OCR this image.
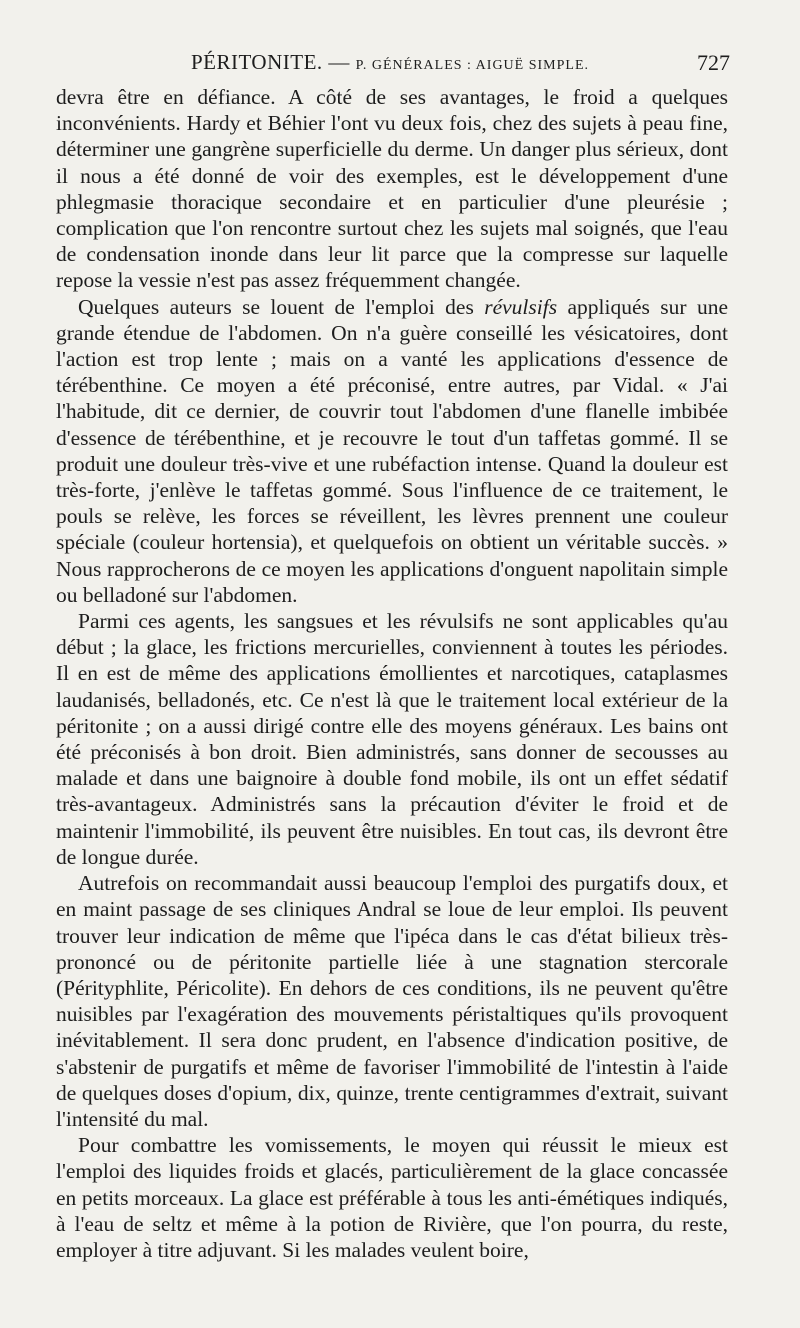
PÉRITONITE. — P. GÉNÉRALES : AIGUË SIMPLE.	727

devra être en défiance. A côté de ses avantages, le froid a quelques inconvénients. Hardy et Béhier l'ont vu deux fois, chez des sujets à peau fine, déterminer une gangrène superficielle du derme. Un danger plus sérieux, dont il nous a été donné de voir des exemples, est le développement d'une phlegmasie thoracique secondaire et en particulier d'une pleurésie ; complication que l'on rencontre surtout chez les sujets mal soignés, que l'eau de condensation inonde dans leur lit parce que la compresse sur laquelle repose la vessie n'est pas assez fréquemment changée.

Quelques auteurs se louent de l'emploi des révulsifs appliqués sur une grande étendue de l'abdomen. On n'a guère conseillé les vésicatoires, dont l'action est trop lente ; mais on a vanté les applications d'essence de térébenthine. Ce moyen a été préconisé, entre autres, par Vidal. « J'ai l'habitude, dit ce dernier, de couvrir tout l'abdomen d'une flanelle imbibée d'essence de térébenthine, et je recouvre le tout d'un taffetas gommé. Il se produit une douleur très-vive et une rubéfaction intense. Quand la douleur est très-forte, j'enlève le taffetas gommé. Sous l'influence de ce traitement, le pouls se relève, les forces se réveillent, les lèvres prennent une couleur spéciale (couleur hortensia), et quelquefois on obtient un véritable succès. » Nous rapprocherons de ce moyen les applications d'onguent napolitain simple ou belladoné sur l'abdomen.

Parmi ces agents, les sangsues et les révulsifs ne sont applicables qu'au début ; la glace, les frictions mercurielles, conviennent à toutes les périodes. Il en est de même des applications émollientes et narcotiques, cataplasmes laudanisés, belladonés, etc. Ce n'est là que le traitement local extérieur de la péritonite ; on a aussi dirigé contre elle des moyens généraux. Les bains ont été préconisés à bon droit. Bien administrés, sans donner de secousses au malade et dans une baignoire à double fond mobile, ils ont un effet sédatif très-avantageux. Administrés sans la précaution d'éviter le froid et de maintenir l'immobilité, ils peuvent être nuisibles. En tout cas, ils devront être de longue durée.

Autrefois on recommandait aussi beaucoup l'emploi des purgatifs doux, et en maint passage de ses cliniques Andral se loue de leur emploi. Ils peuvent trouver leur indication de même que l'ipéca dans le cas d'état bilieux très-prononcé ou de péritonite partielle liée à une stagnation stercorale (Pérityphlite, Péricolite). En dehors de ces conditions, ils ne peuvent qu'être nuisibles par l'exagération des mouvements péristaltiques qu'ils provoquent inévitablement. Il sera donc prudent, en l'absence d'indication positive, de s'abstenir de purgatifs et même de favoriser l'immobilité de l'intestin à l'aide de quelques doses d'opium, dix, quinze, trente centigrammes d'extrait, suivant l'intensité du mal.

Pour combattre les vomissements, le moyen qui réussit le mieux est l'emploi des liquides froids et glacés, particulièrement de la glace concassée en petits morceaux. La glace est préférable à tous les anti-émétiques indiqués, à l'eau de seltz et même à la potion de Rivière, que l'on pourra, du reste, employer à titre adjuvant. Si les malades veulent boire,
